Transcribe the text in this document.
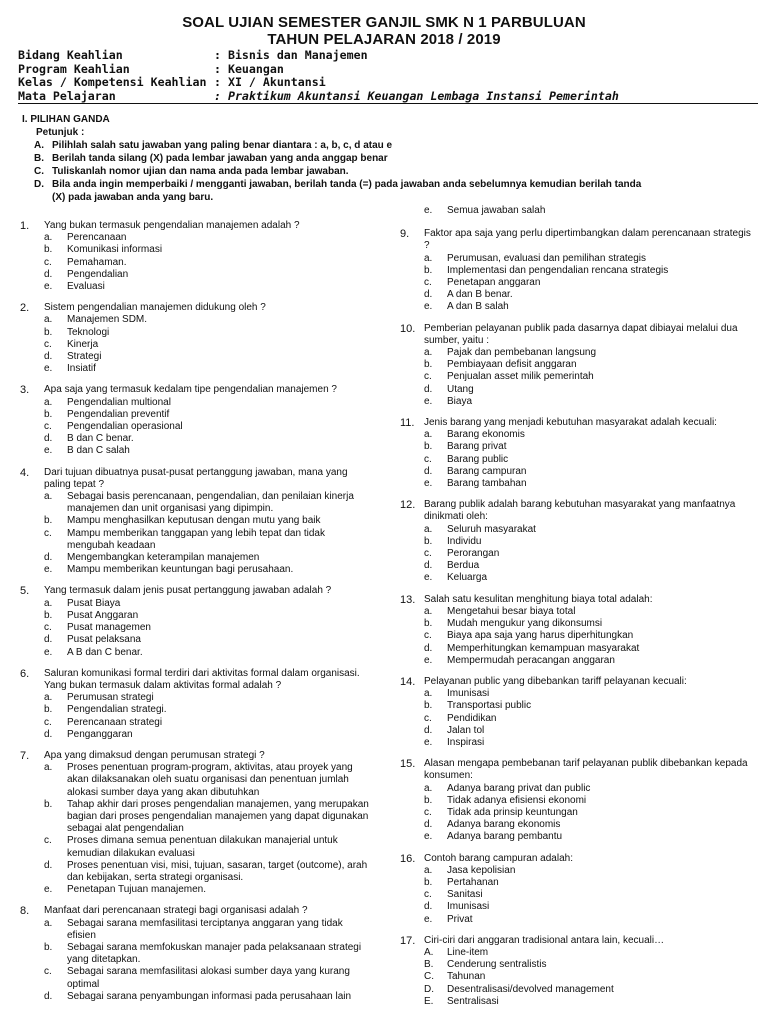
SOAL UJIAN SEMESTER GANJIL SMK N 1 PARBULUAN
TAHUN PELAJARAN 2018 / 2019
Bidang Keahlian	: Bisnis dan Manajemen
Program Keahlian	: Keuangan
Kelas / Kompetensi Keahlian : XI / Akuntansi
Mata Pelajaran	: Praktikum Akuntansi Keuangan Lembaga Instansi Pemerintah
I. PILIHAN GANDA
Petunjuk :
A. Pilihlah salah satu jawaban yang paling benar diantara : a, b, c, d atau e
B. Berilah tanda silang (X) pada lembar jawaban yang anda anggap benar
C. Tuliskanlah nomor ujian dan nama anda pada lembar jawaban.
D. Bila anda ingin memperbaiki / mengganti jawaban, berilah tanda (=) pada jawaban anda sebelumnya kemudian berilah tanda
(X) pada jawaban anda yang baru.
1.	Yang bukan termasuk pengendalian manajemen adalah ?
a.	Perencanaan
b.	Komunikasi informasi
c.	Pemahaman.
d.	Pengendalian
e.	Evaluasi
2.	Sistem pengendalian manajemen didukung oleh ?
a.	Manajemen SDM.
b.	Teknologi
c.	Kinerja
d.	Strategi
e.	Insiatif
3.	Apa saja yang termasuk kedalam tipe pengendalian manajemen ?
a.	Pengendalian multional
b.	Pengendalian preventif
c.	Pengendalian operasional
d.	B dan C benar.
e.	B dan C salah
4.	Dari tujuan dibuatnya pusat-pusat pertanggung jawaban, mana yang paling tepat ?
a.	Sebagai basis perencanaan, pengendalian, dan penilaian kinerja manajemen dan unit organisasi yang dipimpin.
b.	Mampu menghasilkan keputusan dengan mutu yang baik
c.	Mampu memberikan tanggapan yang lebih tepat dan tidak mengubah keadaan
d.	Mengembangkan keterampilan manajemen
e.	Mampu memberikan keuntungan bagi perusahaan.
5.	Yang termasuk dalam jenis pusat pertanggung jawaban adalah ?
a.	Pusat Biaya
b.	Pusat Anggaran
c.	Pusat managemen
d.	Pusat pelaksana
e.	A B dan C benar.
6.	Saluran komunikasi formal terdiri dari aktivitas formal dalam organisasi. Yang bukan termasuk dalam aktivitas formal adalah ?
a.	Perumusan strategi
b.	Pengendalian strategi.
c.	Perencanaan strategi
d.	Penganggaran
7.	Apa yang dimaksud dengan perumusan strategi ?
a.	Proses penentuan program-program, aktivitas, atau proyek yang akan dilaksanakan oleh suatu organisasi dan penentuan jumlah alokasi sumber daya yang akan dibutuhkan
b.	Tahap akhir dari proses pengendalian manajemen, yang merupakan bagian dari proses pengendalian manajemen yang dapat digunakan sebagai alat pengendalian
c.	Proses dimana semua penentuan dilakukan manajerial untuk kemudian dilakukan evaluasi
d.	Proses penentuan visi, misi, tujuan, sasaran, target (outcome), arah dan kebijakan, serta strategi organisasi.
e.	Penetapan Tujuan manajemen.
8.	Manfaat dari perencanaan strategi bagi organisasi adalah ?
a.	Sebagai sarana memfasilitasi terciptanya anggaran yang tidak efisien
b.	Sebagai sarana memfokuskan manajer pada pelaksanaan strategi yang ditetapkan.
c.	Sebagai sarana memfasilitasi alokasi sumber daya yang kurang optimal
d.	Sebagai sarana penyambungan informasi pada perusahaan lain
e.	Semua jawaban salah
9.	Faktor apa saja yang perlu dipertimbangkan dalam perencanaan strategis ?
a.	Perumusan, evaluasi dan pemilihan strategis
b.	Implementasi dan pengendalian rencana strategis
c.	Penetapan anggaran
d.	A dan B benar.
e.	A dan B salah
10. Pemberian pelayanan publik pada dasarnya dapat dibiayai melalui dua sumber, yaitu :
a.	Pajak dan pembebanan langsung
b.	Pembiayaan defisit anggaran
c.	Penjualan asset milik pemerintah
d.	Utang
e.	Biaya
11. Jenis barang yang menjadi kebutuhan masyarakat adalah kecuali:
a.	Barang ekonomis
b.	Barang privat
c.	Barang public
d.	Barang campuran
e.	Barang tambahan
12. Barang publik adalah barang kebutuhan masyarakat yang manfaatnya dinikmati oleh:
a.	Seluruh masyarakat
b.	Individu
c.	Perorangan
d.	Berdua
e.	Keluarga
13. Salah satu kesulitan menghitung biaya total adalah:
a.	Mengetahui besar biaya total
b.	Mudah mengukur yang dikonsumsi
c.	Biaya apa saja yang harus diperhitungkan
d.	Memperhitungkan kemampuan masyarakat
e.	Mempermudah peracangan anggaran
14. Pelayanan public yang dibebankan tariff pelayanan kecuali:
a.	Imunisasi
b.	Transportasi public
c.	Pendidikan
d.	Jalan tol
e.	Inspirasi
15. Alasan mengapa pembebanan tarif pelayanan publik dibebankan kepada konsumen:
a.	Adanya barang privat dan public
b.	Tidak adanya efisiensi ekonomi
c.	Tidak ada prinsip keuntungan
d.	Adanya barang ekonomis
e.	Adanya barang pembantu
16. Contoh barang campuran adalah:
a.	Jasa kepolisian
b.	Pertahanan
c.	Sanitasi
d.	Imunisasi
e.	Privat
17. Ciri-ciri dari anggaran tradisional antara lain, kecuali…
A.	Line-item
B.	Cenderung sentralistis
C.	Tahunan
D.	Desentralisasi/devolved management
E.	Sentralisasi
